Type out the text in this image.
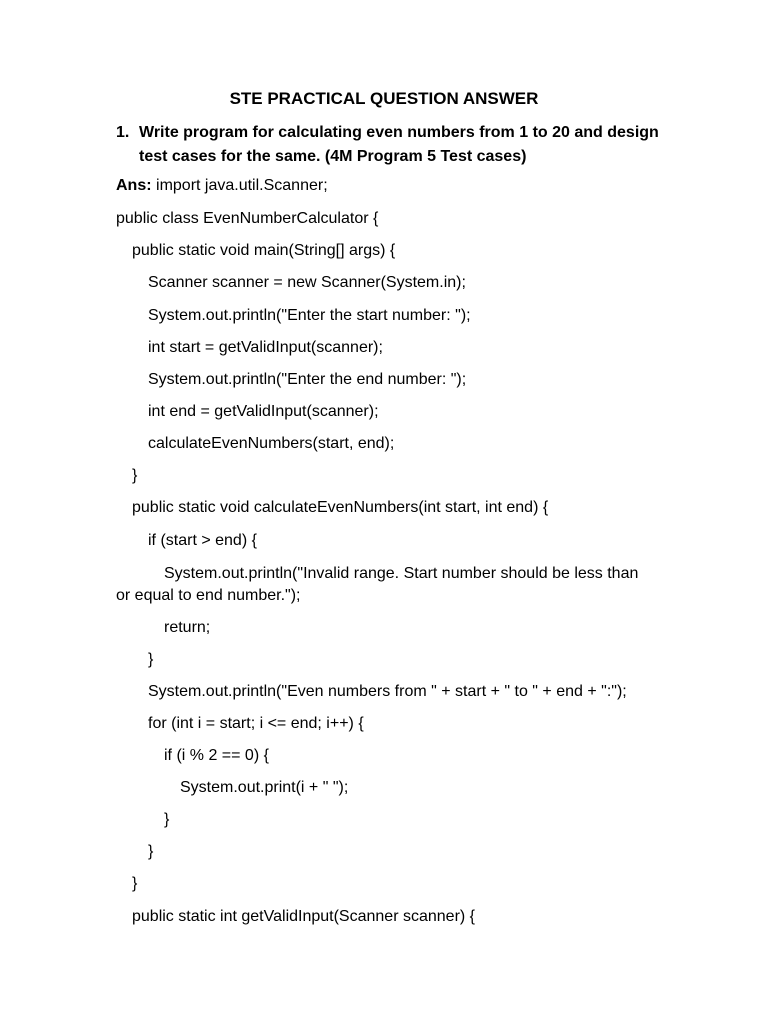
STE PRACTICAL QUESTION ANSWER
1. Write program for calculating even numbers from 1 to 20 and design test cases for the same. (4M Program 5 Test cases)
Ans: import java.util.Scanner;
public class EvenNumberCalculator {
public static void main(String[] args) {
Scanner scanner = new Scanner(System.in);
System.out.println("Enter the start number: ");
int start = getValidInput(scanner);
System.out.println("Enter the end number: ");
int end = getValidInput(scanner);
calculateEvenNumbers(start, end);
}
public static void calculateEvenNumbers(int start, int end) {
if (start > end) {
System.out.println("Invalid range. Start number should be less than
or equal to end number.");
return;
}
System.out.println("Even numbers from " + start + " to " + end + ":");
for (int i = start; i <= end; i++) {
if (i % 2 == 0) {
System.out.print(i + " ");
}
}
}
public static int getValidInput(Scanner scanner) {
